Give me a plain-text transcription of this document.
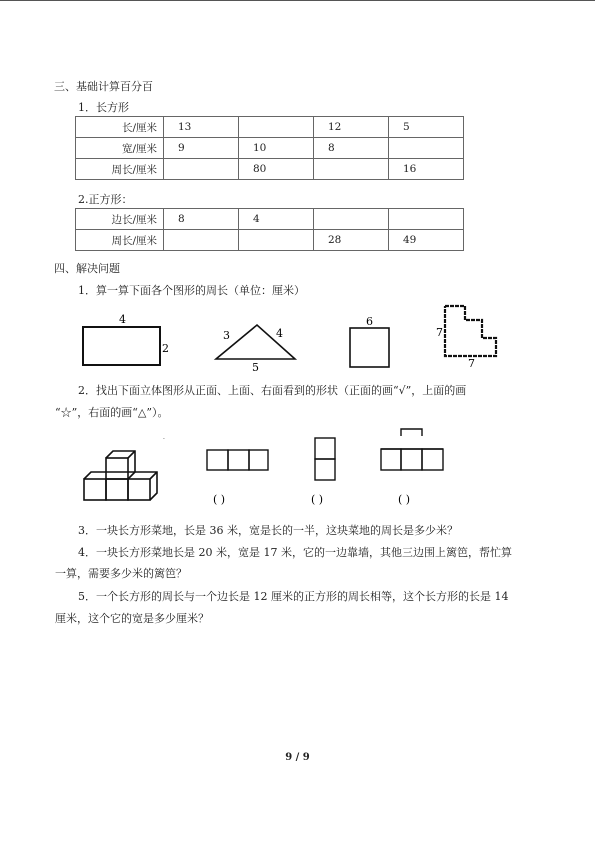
三、基础计算百分百
1．长方形
长/厘米	13		12	5
宽/厘米	9	10	8	
周长/厘米		80		16
2.正方形：
边长/厘米	8	4		
周长/厘米			28	49
四、解决问题
1．算一算下面各个图形的周长（单位：厘米）
4
2
3	4
5
6
7
7
2．找出下面立体图形从正面、上面、右面看到的形状（正面的画“√”，上面的画
“☆”，右面的画“△”）。
·
( )	( )	( )
3．一块长方形菜地，长是 36 米，宽是长的一半，这块菜地的周长是多少米？
4．一块长方形菜地长是 20 米，宽是 17 米，它的一边靠墙，其他三边围上篱笆，帮忙算
一算，需要多少米的篱笆？
5．一个长方形的周长与一个边长是 12 厘米的正方形的周长相等，这个长方形的长是 14
厘米，这个它的宽是多少厘米？
9 / 9
